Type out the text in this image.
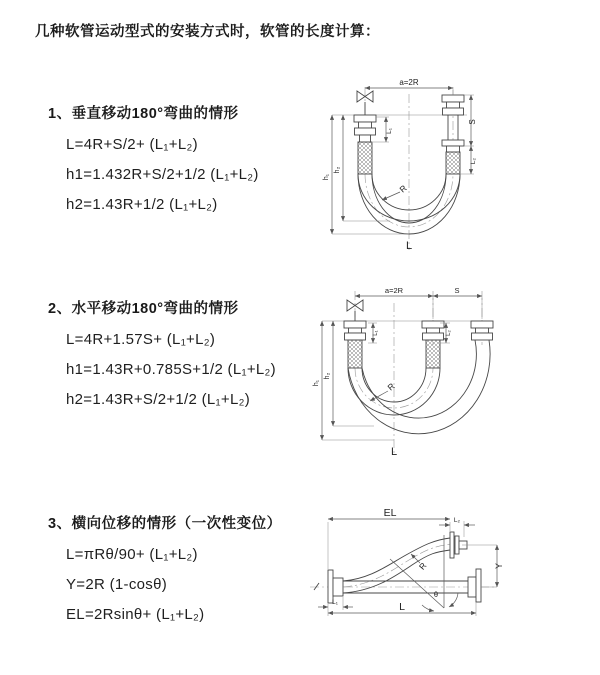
几种软管运动型式的安装方式时，软管的长度计算：
1、垂直移动180°弯曲的情形
L=4R+S/2+ (L₁+L₂)
h1=1.432R+S/2+1/2 (L₁+L₂)
h2=1.43R+1/2 (L₁+L₂)
a=2R
L₁
S
L₂
h₁
h₂
R
L
2、水平移动180°弯曲的情形
L=4R+1.57S+ (L₁+L₂)
h1=1.43R+0.785S+1/2 (L₁+L₂)
h2=1.43R+S/2+1/2 (L₁+L₂)
a=2R	S
h₁
h₂
L₁	L₂
R
L
3、横向位移的情形（一次性变位）
L=πRθ/90+ (L₁+L₂)
Y=2R (1-cosθ)
EL=2Rsinθ+ (L₁+L₂)
EL
L₂
Y
θ
R
L₁	L
